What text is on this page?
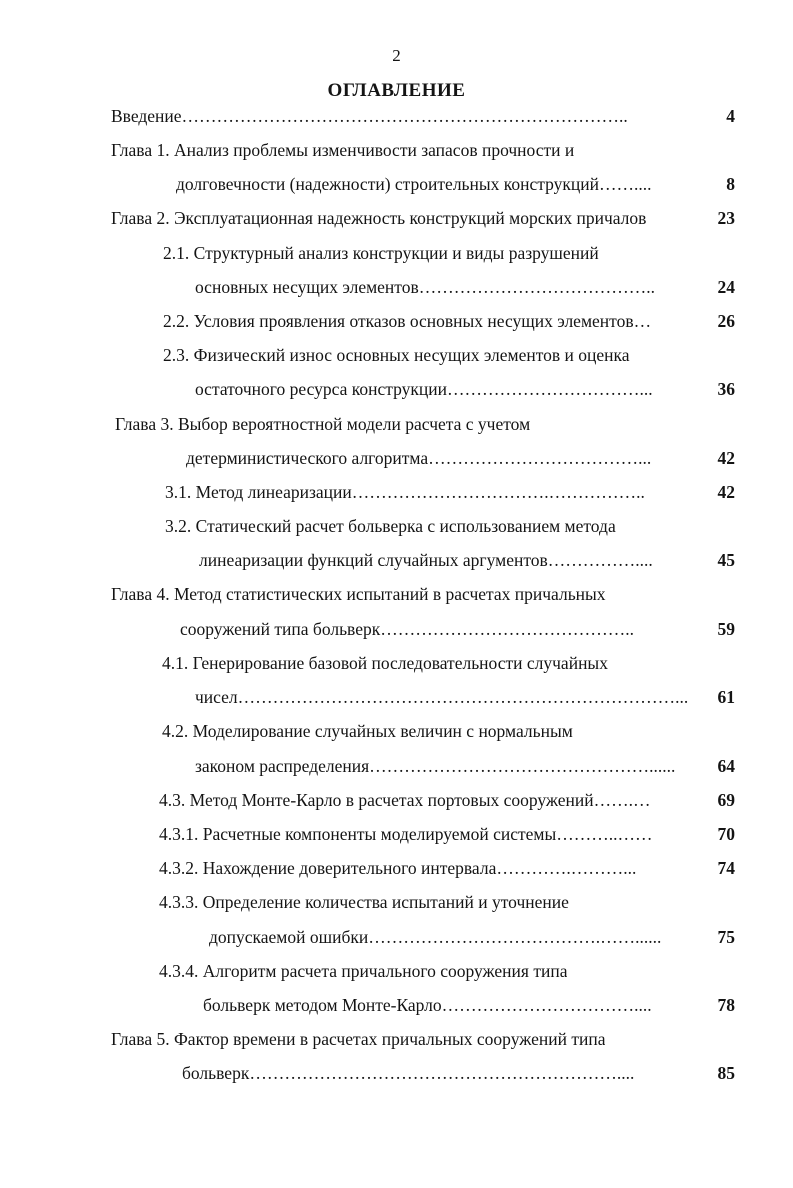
2
ОГЛАВЛЕНИЕ
Введение…………………………………………………………………..	4
Глава 1. Анализ проблемы изменчивости запасов прочности и
долговечности (надежности) строительных конструкций……....	8
Глава 2. Эксплуатационная надежность конструкций морских причалов	23
2.1. Структурный анализ конструкции и виды разрушений
основных несущих элементов…………………………………..	24
2.2. Условия проявления отказов основных несущих элементов…	26
2.3. Физический износ основных несущих элементов и оценка
остаточного ресурса конструкции……………………………...	36
Глава 3. Выбор вероятностной модели расчета с учетом
детерминистического алгоритма………………………………...	42
3.1. Метод линеаризации…………………………….……………..	42
3.2. Статический расчет больверка с использованием метода
линеаризации функций случайных аргументов……………....	45
Глава 4. Метод статистических испытаний в расчетах причальных
сооружений типа больверк……………………………………..	59
4.1. Генерирование базовой последовательности случайных
чисел…………………………………………………………………... 61
4.2. Моделирование случайных величин с нормальным
законом распределения…………………………………………......	64
4.3. Метод Монте-Карло в расчетах портовых сооружений…….…	69
4.3.1. Расчетные компоненты моделируемой системы………..……	70
4.3.2. Нахождение доверительного интервала………….………...	74
4.3.3. Определение количества испытаний и уточнение
допускаемой ошибки………………………………….……......	75
4.3.4. Алгоритм расчета причального сооружения типа
больверк методом Монте-Карло……………………………....	78
Глава 5. Фактор времени в расчетах причальных сооружений типа
больверк………………………………………………………....	85
